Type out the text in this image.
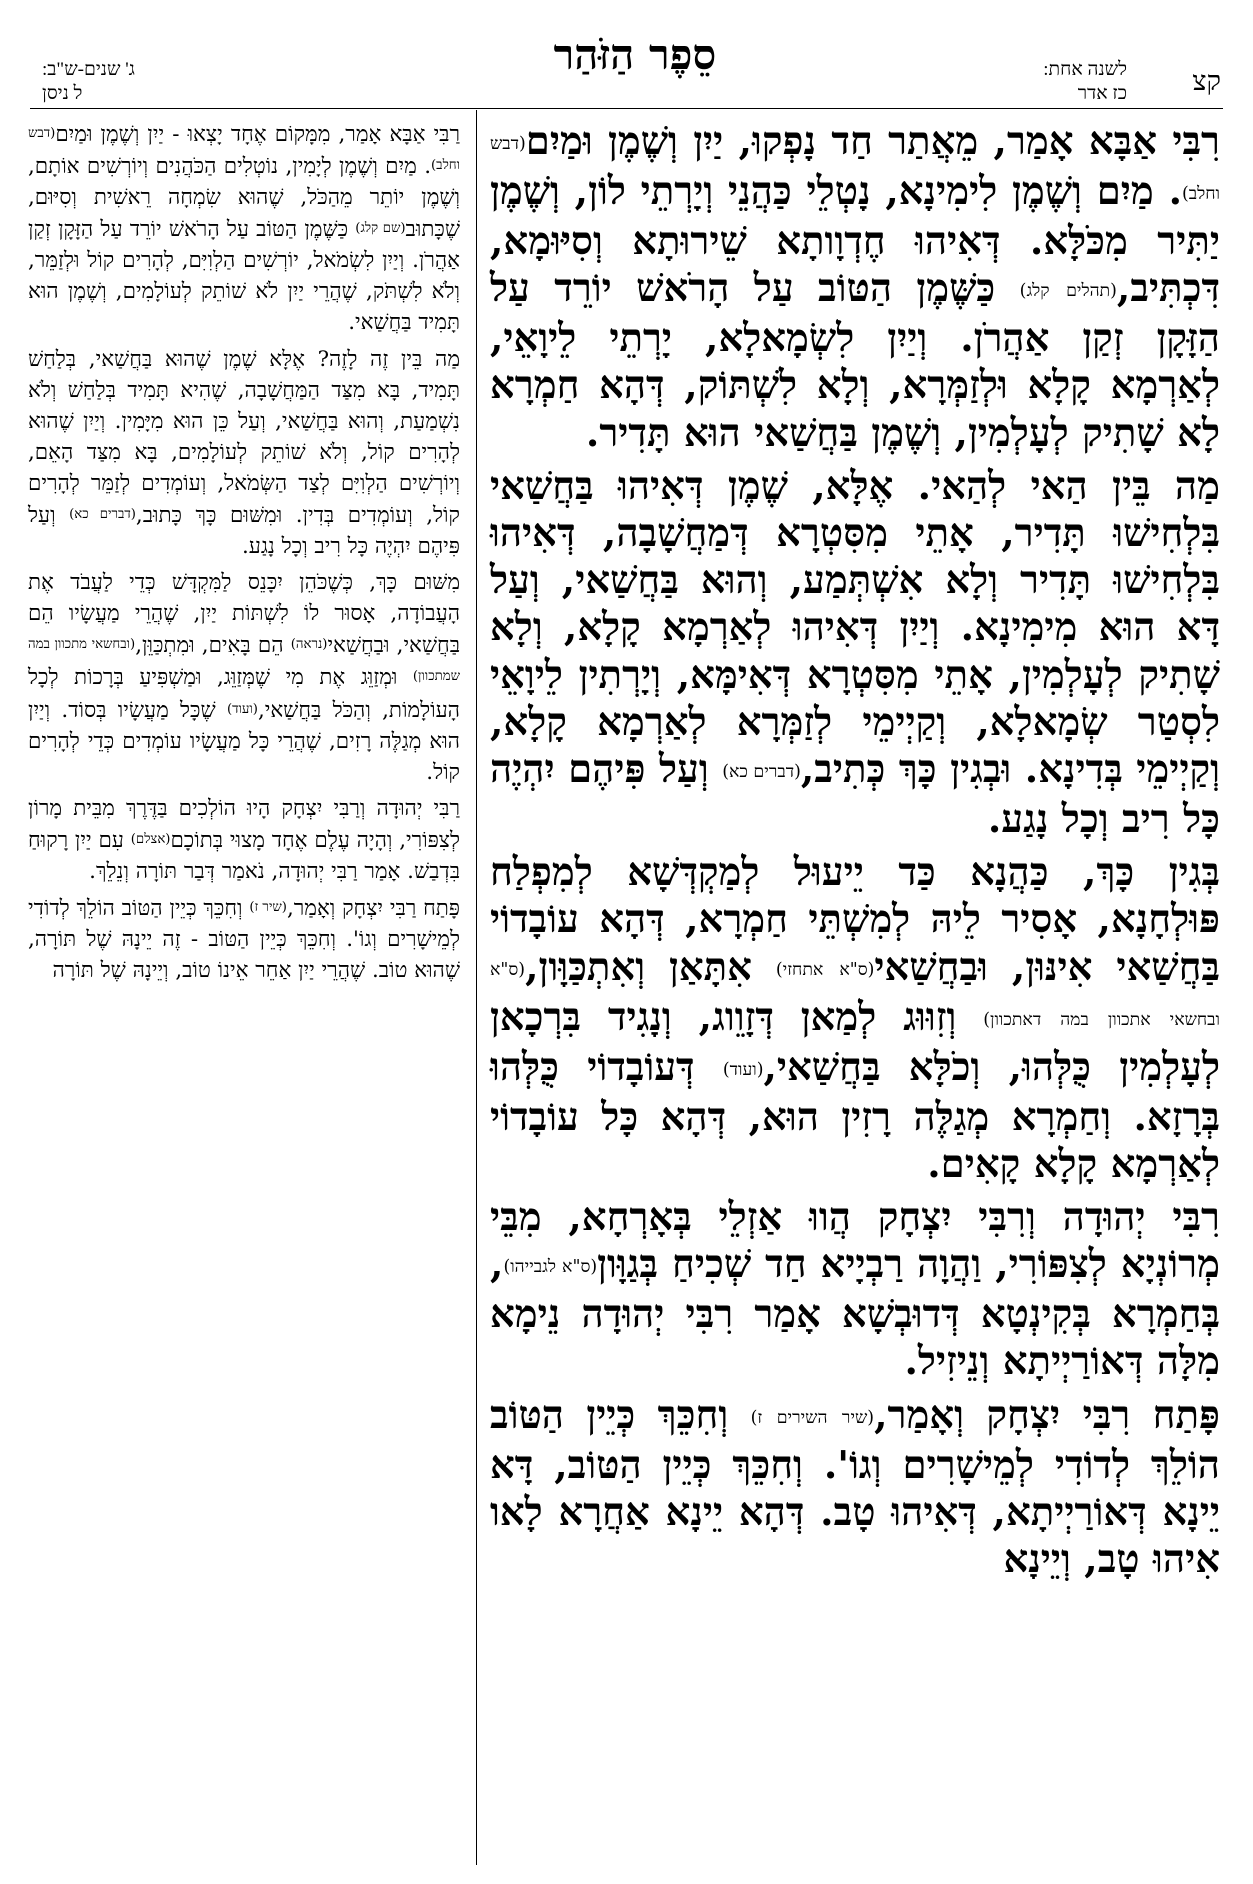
קצ
לשנה אחת:
כז אדר
סֵפֶר הַזֹּהַר
ג' שנים-ש"ב:
ל ניסן

רִבִּי אַבָּא אָמַר, מֵאֲתַר חַד נָפְקוּ, יַיִן וְשֶׁמֶן וּמַיִם(דבש וחלב). מַיִם וְשֶׁמֶן לִימִינָא, נָטְלֵי כַּהֲנֵי וְיָרְתֵי לוֹן, וְשֶׁמֶן יַתִּיר מִכֹּלָּא. דְּאִיהוּ חֶדְוָותָא שֵׁירוּתָא וְסִיּוּמָא, דִּכְתִּיב,(תהלים קלג) כַּשֶּׁמֶן הַטּוֹב עַל הָרֹאשׁ יוֹרֵד עַל הַזָּקָן זְקַן אַהֲרֹן. וְיַיִן לִשְׂמָאלָא, יָרְתֵי לֵיוָאֵי, לְאַרְמָא קָלָא וּלְזַמְּרָא, וְלָא לִשְׁתּוֹק, דְּהָא חַמְרָא לָא שָׁתִיק לְעָלְמִין, וְשֶׁמֶן בַּחֲשַׁאי הוּא תָּדִיר.

מַה בֵּין הַאי לְהַאי. אֶלָּא, שֶׁמֶן דְּאִיהוּ בַּחֲשַׁאי בִּלְחִישׁוּ תָּדִיר, אָתֵי מִסִּטְרָא דְּמַחֲשָׁבָה, דְּאִיהוּ בִּלְחִישׁוּ תָּדִיר וְלָא אִשְׁתְּמַע, וְהוּא בַּחֲשַׁאי, וְעַל דָּא הוּא מִימִינָא. וְיַיִן דְּאִיהוּ לְאַרְמָא קָלָא, וְלָא שָׁתִיק לְעָלְמִין, אָתֵי מִסִּטְרָא דְּאִימָּא, וְיָרְתִין לֵיוָאֵי לִסְטַר שְׂמָאלָא, וְקַיְימֵי לְזַמְּרָא לְאַרְמָא קָלָא, וְקַיְימֵי בְּדִינָא. וּבְגִין כָּךְ כְּתִיב,(דברים כא) וְעַל פִּיהֶם יִהְיֶה כָּל רִיב וְכָל נָגַע.

בְּגִין כָּךְ, כַּהֲנָא כַּד יֵיעוּל לְמַקְדְּשָׁא לְמִפְלַח פּוּלְחָנָא, אָסִיר לֵיהּ לְמִשְׁתֵּי חַמְרָא, דְּהָא עוֹבָדוֹי בַּחֲשַׁאי אִינּוּן, וּבַחֲשַׁאי(ס"א אתחזי) אִתָּאַן וְאִתְכַּוָּון,(ס"א ובחשאי אתכוון במה דאתכוון) וְזִוּוּג לְמַאן דְּזָוֵוג, וְנָגִיד בִּרְכָאן לְעָלְמִין כֻּלְּהוּ, וְכֹלָּא בַּחֲשַׁאי,(ועוד) דְּעוֹבָדוֹי כֻּלְּהוּ בְּרָזָא. וְחַמְרָא מְגַלֶּה רָזִין הוּא, דְּהָא כָּל עוֹבָדוֹי לְאַרְמָא קָלָא קָאִים.

רִבִּי יְהוּדָה וְרִבִּי יִצְחָק הֲווּ אַזְלֵי בְּאָרְחָא, מִבֵּי מְרוֹנְיָא לְצִפּוֹרִי, וַהֲוָה רַבְיָיא חַד שְׁכִיחַ בְּגַוָּון(ס"א לגבייהו), בְּחַמְרָא בְּקִינְטָא דְּדוּבְשָׁא אָמַר רִבִּי יְהוּדָה נֵימָא מִלָּה דְּאוֹרַיְיתָא וְנֵיזִיל.

פָּתַח רִבִּי יִצְחָק וְאָמַר,(שיר השירים ז) וְחִכֵּךְ כְּיֵין הַטּוֹב הוֹלֵךְ לְדוֹדִי לְמֵישָׁרִים וְגוֹ'. וְחִכֵּךְ כְּיֵין הַטּוֹב, דָּא יֵינָא דְּאוֹרַיְיתָא, דְּאִיהוּ טָב. דְּהָא יֵינָא אַחֲרָא לָאו אִיהוּ טָב, וְיֵינָא

רַבִּי אַבָּא אָמַר, מִמָּקוֹם אֶחָד יָצְאוּ - יַיִן וְשֶׁמֶן וּמַיִם(דבש וחלב). מַיִם וְשֶׁמֶן לְיָמִין, נוֹטְלִים הַכֹּהֲנִים וְיוֹרְשִׁים אוֹתָם, וְשֶׁמֶן יוֹתֵר מֵהַכֹּל, שֶׁהוּא שִׂמְחָה רֵאשִׁית וְסִיּוּם, שֶׁכָּתוּב(שם קלג) כַּשֶּׁמֶן הַטּוֹב עַל הָרֹאשׁ יוֹרֵד עַל הַזָּקָן זְקַן אַהֲרֹן. וְיַיִן לִשְׂמֹאל, יוֹרְשִׁים הַלְוִיִּם, לְהָרִים קוֹל וּלְזַמֵּר, וְלֹא לִשְׁתֹּק, שֶׁהֲרֵי יַיִן לֹא שׁוֹתֵק לְעוֹלָמִים, וְשֶׁמֶן הוּא תָּמִיד בַּחֲשַׁאי.

מַה בֵּין זֶה לָזֶה? אֶלָּא שֶׁמֶן שֶׁהוּא בַּחֲשַׁאי, בְּלַחַשׁ תָּמִיד, בָּא מִצַּד הַמַּחֲשָׁבָה, שֶׁהִיא תָּמִיד בְּלַחַשׁ וְלֹא נִשְׁמַעַת, וְהוּא בַּחֲשַׁאי, וְעַל כֵּן הוּא מִיָּמִין. וְיַיִן שֶׁהוּא לְהָרִים קוֹל, וְלֹא שׁוֹתֵק לְעוֹלָמִים, בָּא מִצַּד הָאֵם, וְיוֹרְשִׁים הַלְוִיִּם לְצַד הַשְּׂמֹאל, וְעוֹמְדִים לְזַמֵּר לְהָרִים קוֹל, וְעוֹמְדִים בְּדִין. וּמִשּׁוּם כָּךְ כָּתוּב,(דברים כא) וְעַל פִּיהֶם יִהְיֶה כָּל רִיב וְכָל נָגַע.

מִשּׁוּם כָּךְ, כְּשֶׁכֹּהֵן יִכָּנֵס לַמִּקְדָּשׁ כְּדֵי לַעֲבֹד אֶת הָעֲבוֹדָה, אָסוּר לוֹ לִשְׁתּוֹת יַיִן, שֶׁהֲרֵי מַעֲשָׂיו הֵם בַּחֲשַׁאי, וּבַחֲשַׁאי(נראה) הֵם בָּאִים, וּמִתְכַּוֵּן,(ובחשאי מתכוון במה שמתכוון) וּמְזַוֵּג אֶת מִי שֶׁמְּזַוֵּג, וּמַשְׁפִּיעַ בְּרָכוֹת לְכָל הָעוֹלָמוֹת, וְהַכֹּל בַּחֲשַׁאי,(ועוד) שֶׁכָּל מַעֲשָׂיו בְּסוֹד. וְיַיִן הוּא מְגַלֶּה רָזִים, שֶׁהֲרֵי כָּל מַעֲשָׂיו עוֹמְדִים כְּדֵי לְהָרִים קוֹל.

רַבִּי יְהוּדָה וְרַבִּי יִצְחָק הָיוּ הוֹלְכִים בַּדֶּרֶךְ מִבֵּית מָרוֹן לְצִפּוֹרִי, וְהָיָה עֶלֶם אֶחָד מָצוּי בְּתוֹכָם(אצלם) עִם יַיִן רָקוּחַ בִּדְבַשׁ. אָמַר רַבִּי יְהוּדָה, נֹאמַר דְּבַר תּוֹרָה וְנֵלֵךְ.

פָּתַח רַבִּי יִצְחָק וְאָמַר,(שיר ז) וְחִכֵּךְ כְּיֵין הַטּוֹב הוֹלֵךְ לְדוֹדִי לְמֵישָׁרִים וְגוֹ'. וְחִכֵּךְ כְּיֵין הַטּוֹב - זֶה יֵינָהּ שֶׁל תּוֹרָה, שֶׁהוּא טוֹב. שֶׁהֲרֵי יַיִן אַחֵר אֵינוֹ טוֹב, וְיֵינָהּ שֶׁל תּוֹרָה
